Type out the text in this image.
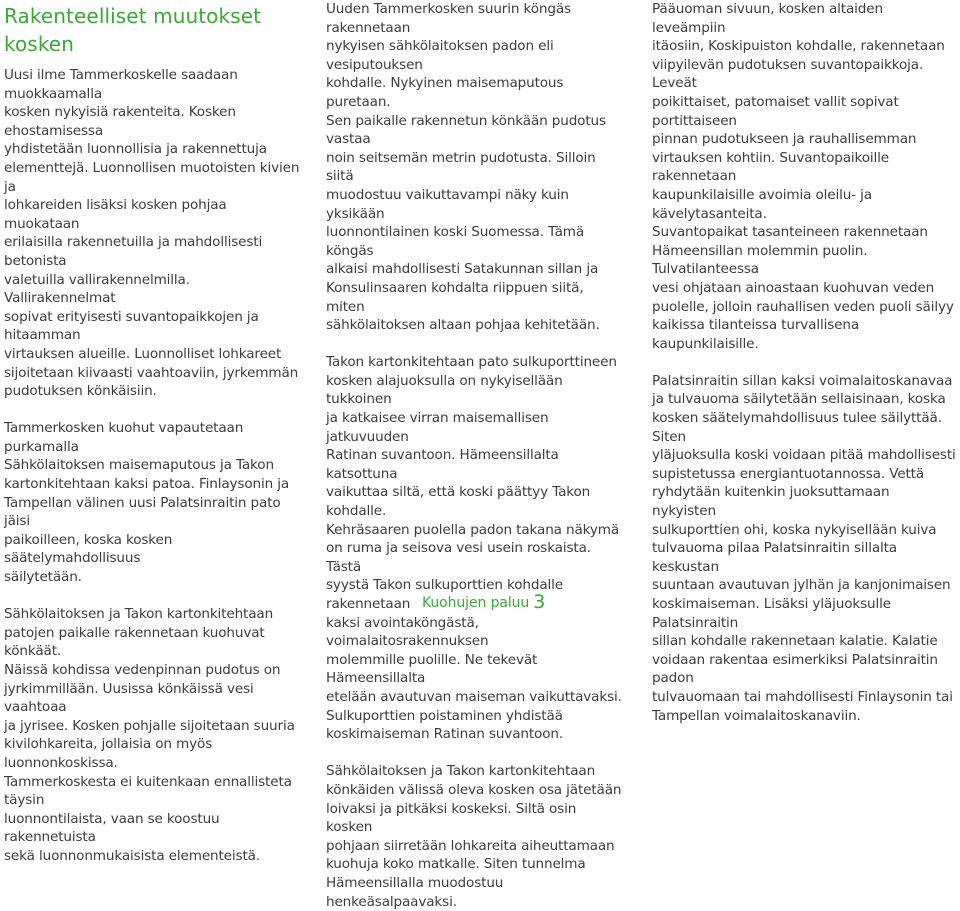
Rakenteelliset muutokset
kosken

Uusi ilme Tammerkoskelle saadaan muokkaamalla
kosken nykyisiä rakenteita. Kosken ehostamisessa
yhdistetään luonnollisia ja rakennettuja
elementtejä. Luonnollisen muotoisten kivien ja
lohkareiden lisäksi kosken pohjaa muokataan
erilaisilla rakennetuilla ja mahdollisesti betonista
valetuilla vallirakennelmilla. Vallirakennelmat
sopivat erityisesti suvantopaikkojen ja hitaamman
virtauksen alueille. Luonnolliset lohkareet
sijoitetaan kiivaasti vaahtoaviin, jyrkemmän
pudotuksen könkäisiin.

Tammerkosken kuohut vapautetaan purkamalla
Sähkölaitoksen maisemaputous ja Takon
kartonkitehtaan kaksi patoa. Finlaysonin ja
Tampellan välinen uusi Palatsinraitin pato jäisi
paikoilleen, koska kosken säätelymahdollisuus
säilytetään.

Sähkölaitoksen ja Takon kartonkitehtaan
patojen paikalle rakennetaan kuohuvat könkäät.
Näissä kohdissa vedenpinnan pudotus on
jyrkimmillään. Uusissa könkäissä vesi vaahtoaa
ja jyrisee. Kosken pohjalle sijoitetaan suuria
kivilohkareita, jollaisia on myös luonnonkoskissa.
Tammerkoskesta ei kuitenkaan ennallisteta täysin
luonnontilaista, vaan se koostuu rakennetuista
sekä luonnonmukaisista elementeistä.

Uuden Tammerkosken suurin köngäs rakennetaan
nykyisen sähkölaitoksen padon eli vesiputouksen
kohdalle. Nykyinen maisemaputous puretaan.
Sen paikalle rakennetun könkään pudotus vastaa
noin seitsemän metrin pudotusta. Silloin siitä
muodostuu vaikuttavampi näky kuin yksikään
luonnontilainen koski Suomessa. Tämä köngäs
alkaisi mahdollisesti Satakunnan sillan ja
Konsulinsaaren kohdalta riippuen siitä, miten
sähkölaitoksen altaan pohjaa kehitetään.

Takon kartonkitehtaan pato sulkuporttineen
kosken alajuoksulla on nykyisellään tukkoinen
ja katkaisee virran maisemallisen jatkuvuuden
Ratinan suvantoon. Hämeensillalta katsottuna
vaikuttaa siltä, että koski päättyy Takon kohdalle.
Kehräsaaren puolella padon takana näkymä
on ruma ja seisova vesi usein roskaista. Tästä
syystä Takon sulkuporttien kohdalle rakennetaan
kaksi avointaköngästä, voimalaitosrakennuksen
molemmille puolille. Ne tekevät Hämeensillalta
etelään avautuvan maiseman vaikuttavaksi.
Sulkuporttien poistaminen yhdistää
koskimaiseman Ratinan suvantoon.

Sähkölaitoksen ja Takon kartonkitehtaan
könkäiden välissä oleva kosken osa jätetään
loivaksi ja pitkäksi koskeksi. Siltä osin kosken
pohjaan siirretään lohkareita aiheuttamaan
kuohuja koko matkalle. Siten tunnelma
Hämeensillalla muodostuu henkeäsalpaavaksi.

Pääuoman sivuun, kosken altaiden leveämpiin
itäosiin, Koskipuiston kohdalle, rakennetaan
viipyilevän pudotuksen suvantopaikkoja. Leveät
poikittaiset, patomaiset vallit sopivat portittaiseen
pinnan pudotukseen ja rauhallisemman
virtauksen kohtiin. Suvantopaikoille rakennetaan
kaupunkilaisille avoimia oleilu- ja kävelytasanteita.
Suvantopaikat tasanteineen rakennetaan
Hämeensillan molemmin puolin. Tulvatilanteessa
vesi ohjataan ainoastaan kuohuvan veden
puolelle, jolloin rauhallisen veden puoli säilyy
kaikissa tilanteissa turvallisena kaupunkilaisille.

Palatsinraitin sillan kaksi voimalaitoskanavaa
ja tulvauoma säilytetään sellaisinaan, koska
kosken säätelymahdollisuus tulee säilyttää. Siten
yläjuoksulla koski voidaan pitää mahdollisesti
supistetussa energiantuotannossa. Vettä
ryhdytään kuitenkin juoksuttamaan nykyisten
sulkuporttien ohi, koska nykyisellään kuiva
tulvauoma pilaa Palatsinraitin sillalta keskustan
suuntaan avautuvan jylhän ja kanjonimaisen
koskimaiseman. Lisäksi yläjuoksulle Palatsinraitin
sillan kohdalle rakennetaan kalatie. Kalatie
voidaan rakentaa esimerkiksi Palatsinraitin padon
tulvauomaan tai mahdollisesti Finlaysonin tai
Tampellan voimalaitoskanaviin.

Kuohujen paluu 3
